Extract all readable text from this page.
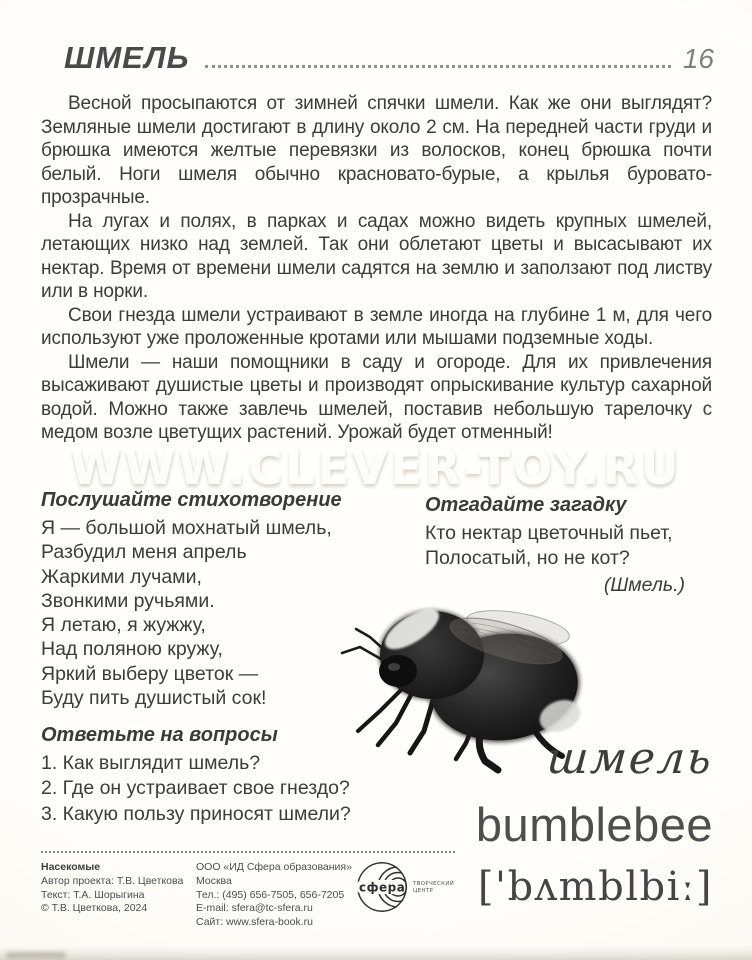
ШМЕЛЬ	16
WWW.CLEVER-TOY.RU

Весной просыпаются от зимней спячки шмели. Как же они выглядят? Земляные шмели достигают в длину около 2 см. На передней части груди и брюшка имеются желтые перевязки из волосков, конец брюшка почти белый. Ноги шмеля обычно красновато-бурые, а крылья буровато-прозрачные.

На лугах и полях, в парках и садах можно видеть крупных шмелей, летающих низко над землей. Так они облетают цветы и высасывают их нектар. Время от времени шмели садятся на землю и заползают под листву или в норки.

Свои гнезда шмели устраивают в земле иногда на глубине 1 м, для чего используют уже проложенные кротами или мышами подземные ходы.

Шмели — наши помощники в саду и огороде. Для их привлечения высаживают душистые цветы и производят опрыскивание культур сахарной водой. Можно также завлечь шмелей, поставив небольшую тарелочку с медом возле цветущих растений. Урожай будет отменный!

Послушайте стихотворение
Я — большой мохнатый шмель,
Разбудил меня апрель
Жаркими лучами,
Звонкими ручьями.
Я летаю, я жужжу,
Над поляною кружу,
Яркий выберу цветок —
Буду пить душистый сок!
Отгадайте загадку
Кто нектар цветочный пьет,
Полосатый, но не кот?
(Шмель.)
Ответьте на вопросы
1. Как выглядит шмель?
2. Где он устраивает свое гнездо?
3. Какую пользу приносят шмели?
шмель
bumblebee
['bʌmblbiː]
Насекомые
Автор проекта: Т.В. Цветкова
Текст: Т.А. Шорыгина
© Т.В. Цветкова, 2024
ООО «ИД Сфера образования»
Москва
Тел.: (495) 656-7505, 656-7205
E-mail: sfera@tc-sfera.ru
Сайт: www.sfera-book.ru
сфера ТВОРЧЕСКИЙ
ЦЕНТР
